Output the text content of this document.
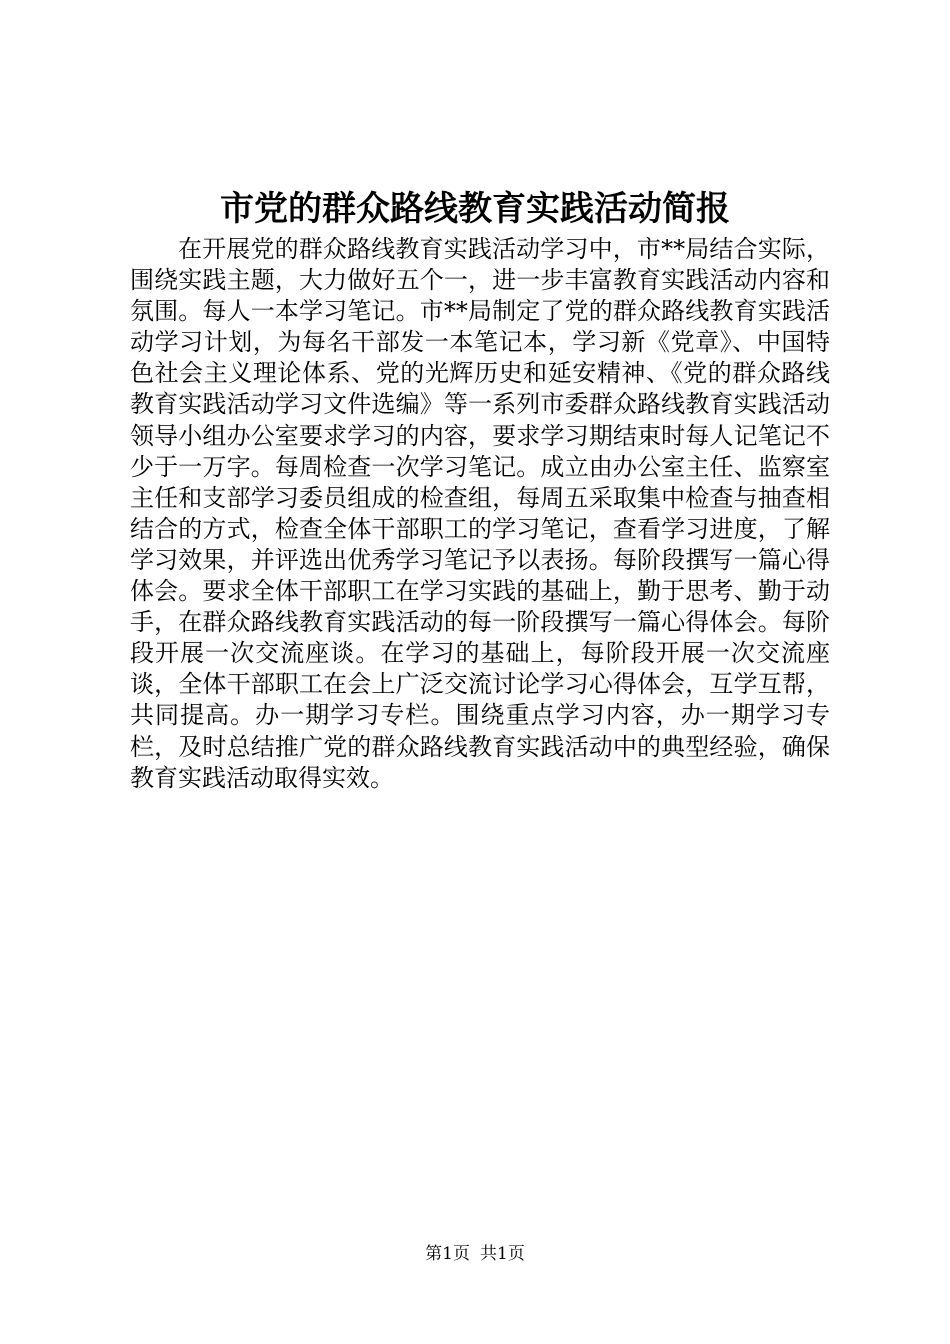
市党的群众路线教育实践活动简报

在开展党的群众路线教育实践活动学习中，市**局结合实际，围绕实践主题，大力做好五个一，进一步丰富教育实践活动内容和氛围。每人一本学习笔记。市**局制定了党的群众路线教育实践活动学习计划，为每名干部发一本笔记本，学习新《党章》、中国特色社会主义理论体系、党的光辉历史和延安精神、《党的群众路线教育实践活动学习文件选编》等一系列市委群众路线教育实践活动领导小组办公室要求学习的内容，要求学习期结束时每人记笔记不少于一万字。每周检查一次学习笔记。成立由办公室主任、监察室主任和支部学习委员组成的检查组，每周五采取集中检查与抽查相结合的方式，检查全体干部职工的学习笔记，查看学习进度，了解学习效果，并评选出优秀学习笔记予以表扬。每阶段撰写一篇心得体会。要求全体干部职工在学习实践的基础上，勤于思考、勤于动手，在群众路线教育实践活动的每一阶段撰写一篇心得体会。每阶段开展一次交流座谈。在学习的基础上，每阶段开展一次交流座谈，全体干部职工在会上广泛交流讨论学习心得体会，互学互帮，共同提高。办一期学习专栏。围绕重点学习内容，办一期学习专栏，及时总结推广党的群众路线教育实践活动中的典型经验，确保教育实践活动取得实效。

第1页 共1页
